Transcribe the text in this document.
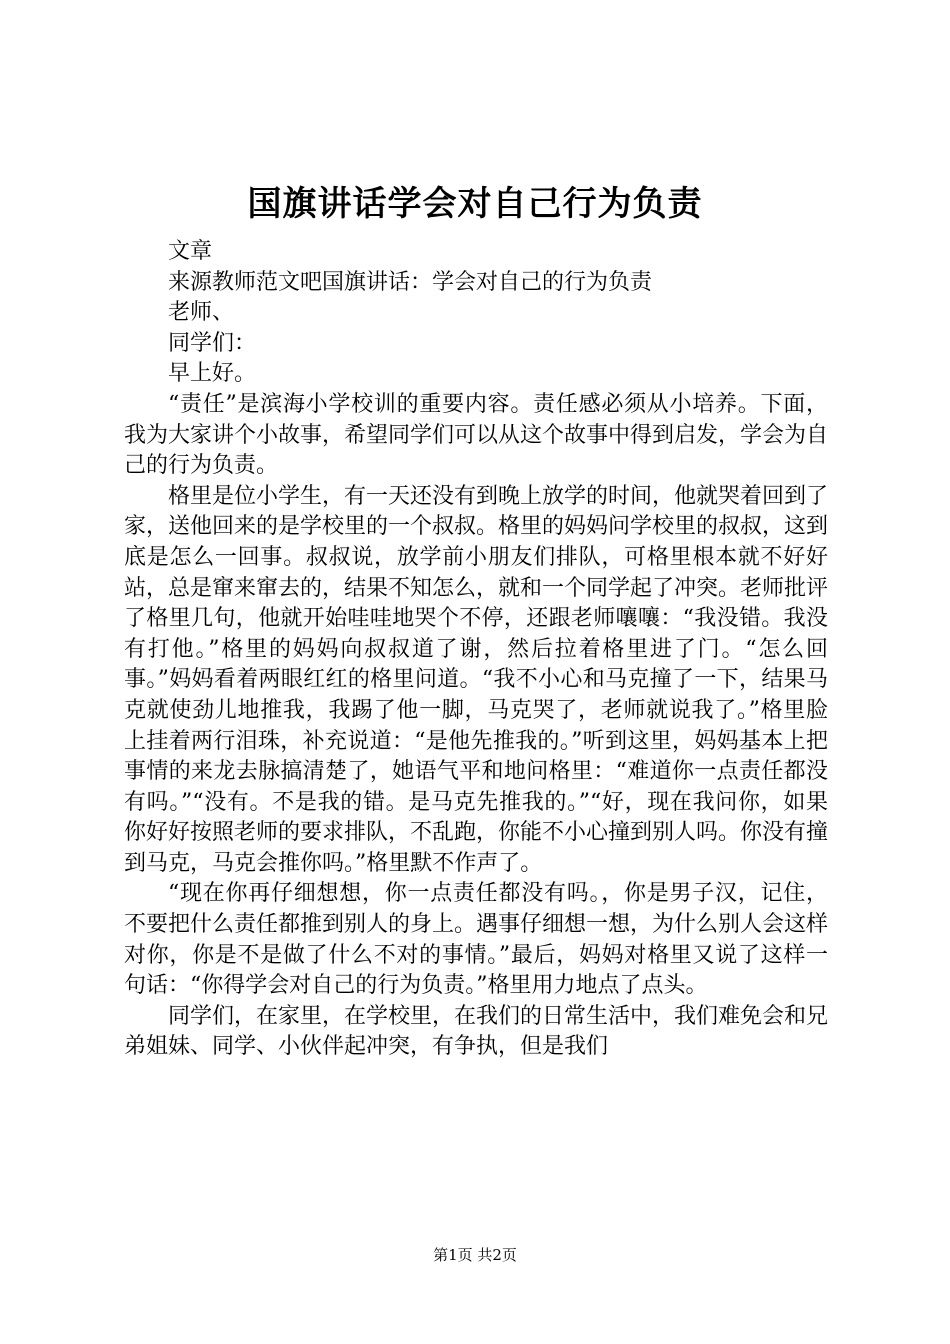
国旗讲话学会对自己行为负责

文章

来源教师范文吧国旗讲话：学会对自己的行为负责

老师、

同学们：

早上好。

“责任”是滨海小学校训的重要内容。责任感必须从小培养。下面，我为大家讲个小故事，希望同学们可以从这个故事中得到启发，学会为自己的行为负责。

格里是位小学生，有一天还没有到晚上放学的时间，他就哭着回到了家，送他回来的是学校里的一个叔叔。格里的妈妈问学校里的叔叔，这到底是怎么一回事。叔叔说，放学前小朋友们排队，可格里根本就不好好站，总是窜来窜去的，结果不知怎么，就和一个同学起了冲突。老师批评了格里几句，他就开始哇哇地哭个不停，还跟老师嚷嚷：“我没错。我没有打他。”格里的妈妈向叔叔道了谢，然后拉着格里进了门。“怎么回事。”妈妈看着两眼红红的格里问道。“我不小心和马克撞了一下，结果马克就使劲儿地推我，我踢了他一脚，马克哭了，老师就说我了。”格里脸上挂着两行泪珠，补充说道：“是他先推我的。”听到这里，妈妈基本上把事情的来龙去脉搞清楚了，她语气平和地问格里：“难道你一点责任都没有吗。”“没有。不是我的错。是马克先推我的。”“好，现在我问你，如果你好好按照老师的要求排队，不乱跑，你能不小心撞到别人吗。你没有撞到马克，马克会推你吗。”格里默不作声了。

“现在你再仔细想想，你一点责任都没有吗。，你是男子汉，记住，不要把什么责任都推到别人的身上。遇事仔细想一想，为什么别人会这样对你，你是不是做了什么不对的事情。”最后，妈妈对格里又说了这样一句话：“你得学会对自己的行为负责。”格里用力地点了点头。

同学们，在家里，在学校里，在我们的日常生活中，我们难免会和兄弟姐妹、同学、小伙伴起冲突，有争执，但是我们

第1页 共2页
